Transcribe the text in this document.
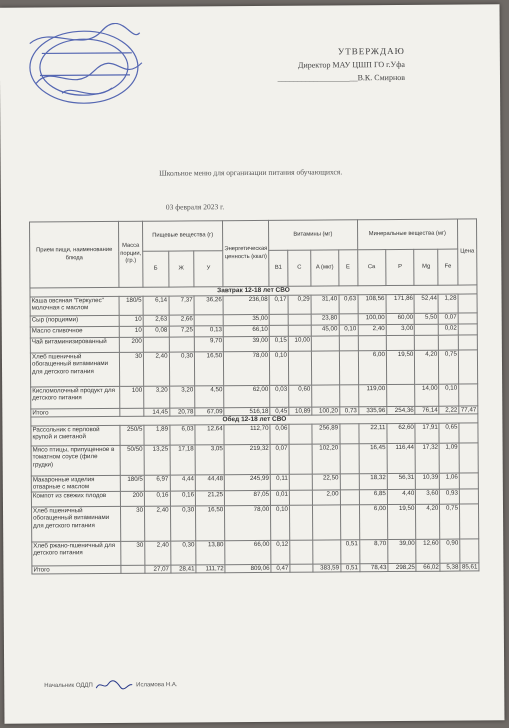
УТВЕРЖДАЮ
Директор МАУ ЦШП ГО г.Уфа
____________________В.К. Смирнов
Школьное меню для организации питания обучающихся.
03 февраля 2023 г.
Прием пищи, наименование блюда	Масса порции, (гр.)	Пищевые вещества (г)			Энергетическая ценность (ккал)	Витамины (мг)				Минеральные вещества (мг)				Цена
		Б	Ж	У		B1	C	A (мкг)	E	Ca	P	Mg	Fe	
Завтрак 12-18 лет СВО														
Каша овсяная "Геркулес" молочная с маслом	180/5	6,14	7,37	36,26	236,08	0,17	0,29	31,40	0,63	108,56	171,86	52,44	1,28	
Сыр (порциями)	10	2,63	2,66		35,00			23,80		100,00	60,00	5,50	0,07	
Масло сливочное	10	0,08	7,25	0,13	66,10			45,00	0,10	2,40	3,00		0,02	
Чай витаминизированный	200			9,70	39,00	0,15	10,00							
Хлеб пшеничный обогащенный витаминами для детского питания	30	2,40	0,30	16,50	78,00	0,10				6,00	19,50	4,20	0,75	
Кисломолочный продукт для детского питания	100	3,20	3,20	4,50	62,00	0,03	0,60			119,00		14,00	0,10	
Итого		14,45	20,78	67,09	516,18	0,45	10,89	100,20	0,73	335,96	254,36	76,14	2,22	77,47
Обед 12-18 лет СВО														
Рассольник с перловой крупой и сметаной	250/5	1,89	6,03	12,64	112,70	0,06		256,89		22,11	62,60	17,91	0,65	
Мясо птицы, припущенное в томатном соусе (филе грудки)	50/50	13,25	17,18	3,05	219,32	0,07		102,20		16,45	116,44	17,32	1,09	
Макаронные изделия отварные с маслом	180/5	6,97	4,44	44,48	245,99	0,11		22,50		18,32	56,31	10,39	1,06	
Компот из свежих плодов	200	0,16	0,16	21,25	87,05	0,01		2,00		6,85	4,40	3,60	0,93	
Хлеб пшеничный обогащенный витаминами для детского питания	30	2,40	0,30	16,50	78,00	0,10				6,00	19,50	4,20	0,75	
Хлеб ржано-пшеничный для детского питания	30	2,40	0,30	13,80	66,00	0,12			0,51	8,70	39,00	12,60	0,90	
Итого		27,07	28,41	111,72	809,06	0,47		383,59	0,51	78,43	298,25	66,02	5,38	85,61
Начальник ОДДП	Исламова Н.А.
